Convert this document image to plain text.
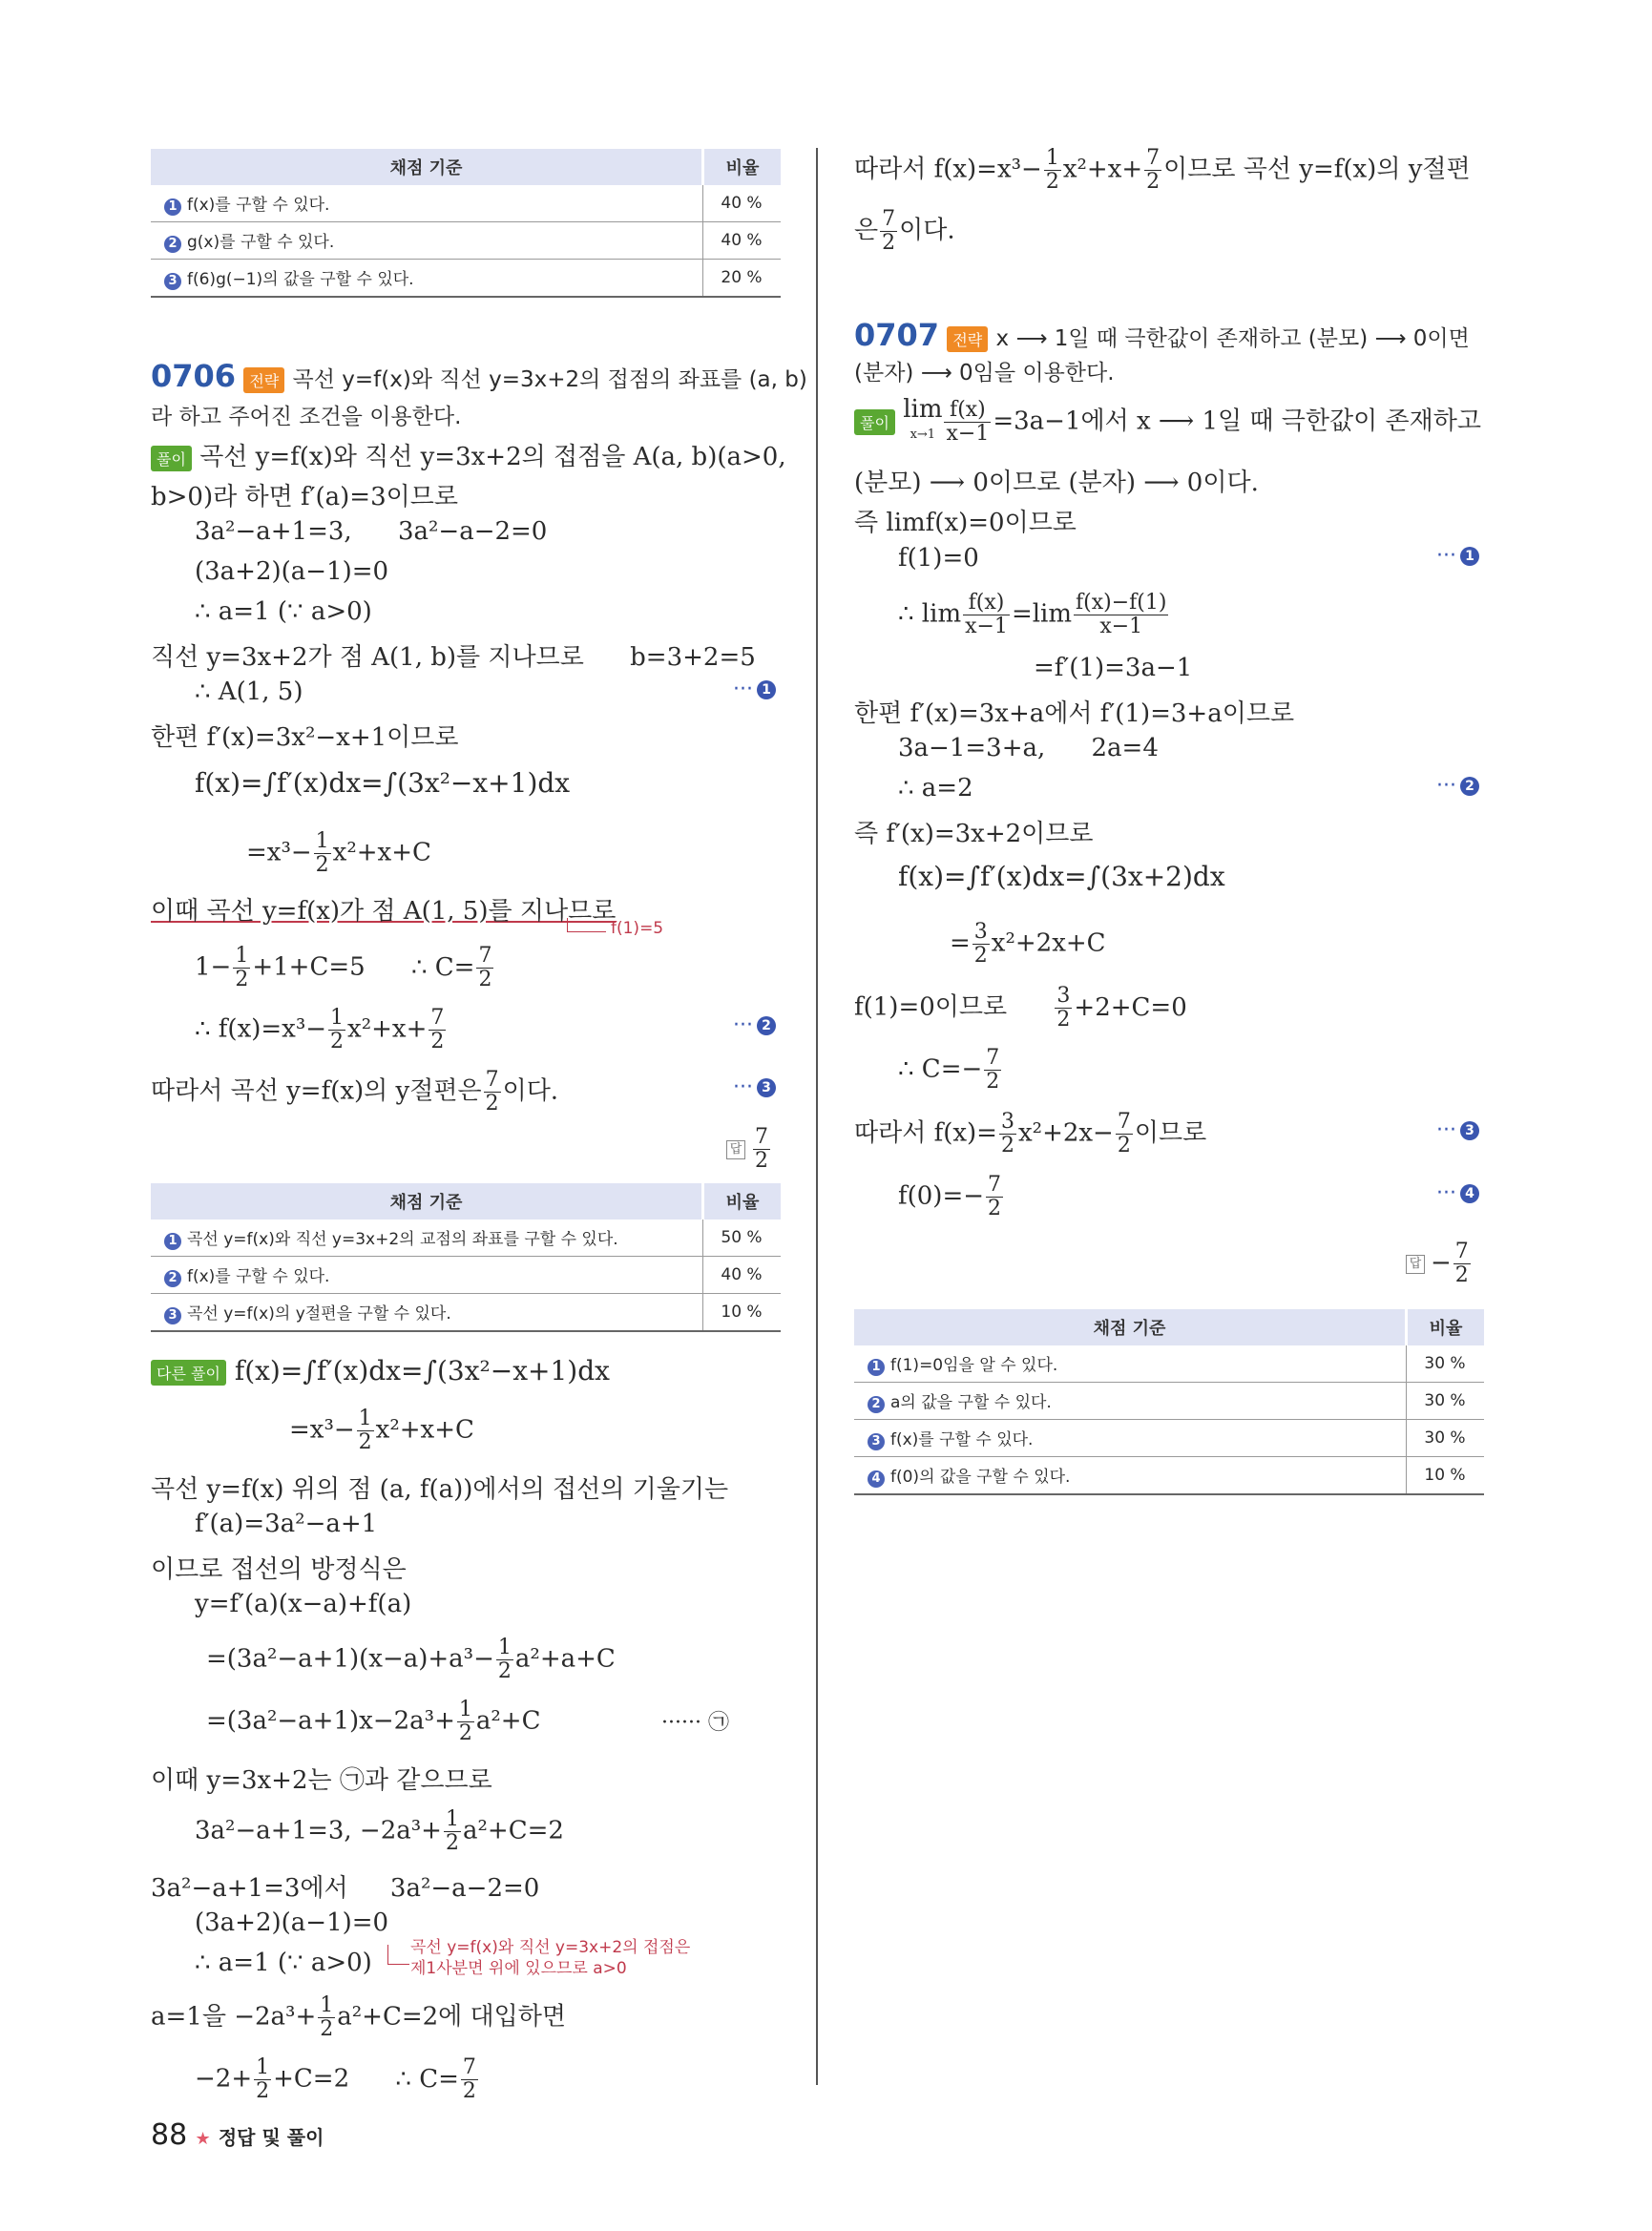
채점 기준	비율
1 f(x)를 구할 수 있다.	40 %
2 g(x)를 구할 수 있다.	40 %
3 f(6)g(−1)의 값을 구할 수 있다.	20 %
0706 전략 곡선 y=f(x)와 직선 y=3x+2의 접점의 좌표를 (a, b)
라 하고 주어진 조건을 이용한다.
풀이 곡선 y=f(x)와 직선 y=3x+2의 접점을 A(a, b)(a>0,
b>0)라 하면 f′(a)=3이므로
3a²−a+1=3, 3a²−a−2=0
(3a+2)(a−1)=0
∴ a=1 (∵ a>0)
직선 y=3x+2가 점 A(1, b)를 지나므로 b=3+2=5
∴ A(1, 5)	··· 1
한편 f′(x)=3x²−x+1이므로
f(x)=∫f′(x)dx=∫(3x²−x+1)dx
$=x^3- \frac{1}{2} x^2+x+C$
이때 곡선 y=f(x)가 점 A(1, 5)를 지나므로
f(1)=5
$1- \frac{1}{2} +1+C=5$ ∴ $C= \frac{7}{2}$
∴ $f(x)=x^3- \frac{1}{2} x^2+x+ \frac{7}{2}$	··· 2
따라서 곡선 y=f(x)의 y절편은 $\frac{7}{2}$ 이다.	··· 3
답 $\frac{7}{2}$
채점 기준	비율
1 곡선 y=f(x)와 직선 y=3x+2의 교점의 좌표를 구할 수 있다.	50 %
2 f(x)를 구할 수 있다.	40 %
3 곡선 y=f(x)의 y절편을 구할 수 있다.	10 %
다른 풀이 f(x)=∫f′(x)dx=∫(3x²−x+1)dx
$=x^3- \frac{1}{2} x^2+x+C$
곡선 y=f(x) 위의 점 (a, f(a))에서의 접선의 기울기는
f′(a)=3a²−a+1
이므로 접선의 방정식은
y=f′(a)(x−a)+f(a)
$=(3a^2-a+1)(x-a)+a^3- \frac{1}{2} a^2+a+C$
$=(3a^2-a+1)x-2a^3+ \frac{1}{2} a^2+C$	······ ㉠
이때 y=3x+2는 ㉠과 같으므로
3a²−a+1=3, $-2a^3+ \frac{1}{2} a^2+C=2$
3a²−a+1=3에서 3a²−a−2=0
(3a+2)(a−1)=0
∴ a=1 (∵ a>0)
곡선 y=f(x)와 직선 y=3x+2의 접점은
제1사분면 위에 있으므로 a>0
a=1을 $-2a^3+ \frac{1}{2} a^2+C=2$에 대입하면
$-2+ \frac{1}{2} +C=2$ ∴ $C= \frac{7}{2}$
따라서 $f(x)=x^3- \frac{1}{2} x^2+x+ \frac{7}{2}$ 이므로 곡선 y=f(x)의 y절편
은 $\frac{7}{2}$ 이다.
0707 전략 x ⟶ 1일 때 극한값이 존재하고 (분모) ⟶ 0이면
(분자) ⟶ 0임을 이용한다.
풀이 lim
$x\to 1 \frac{f(x)}{x-1} =3a-1$에서 x ⟶ 1일 때 극한값이 존재하고
(분모) ⟶ 0이므로 (분자) ⟶ 0이다.
즉 limf(x)=0이므로
f(1)=0	··· 1
∴ $\lim \frac{f(x)}{x-1} =\lim \frac{f(x)-f(1)}{x-1}$
=f′(1)=3a−1
한편 f′(x)=3x+a에서 f′(1)=3+a이므로
3a−1=3+a, 2a=4
∴ a=2	··· 2
즉 f′(x)=3x+2이므로
f(x)=∫f′(x)dx=∫(3x+2)dx
= $\frac{3}{2} x^2+2x+C$
f(1)=0이므로 $\frac{3}{2} +2+C=0$
∴ $C=- \frac{7}{2}$
따라서 $f(x)= \frac{3}{2} x^2+2x- \frac{7}{2}$ 이므로	··· 3
$f(0)=- \frac{7}{2}$	··· 4
답 − $\frac{7}{2}$
채점 기준	비율
1 f(1)=0임을 알 수 있다.	30 %
2 a의 값을 구할 수 있다.	30 %
3 f(x)를 구할 수 있다.	30 %
4 f(0)의 값을 구할 수 있다.	10 %
88 ★ 정답 및 풀이
